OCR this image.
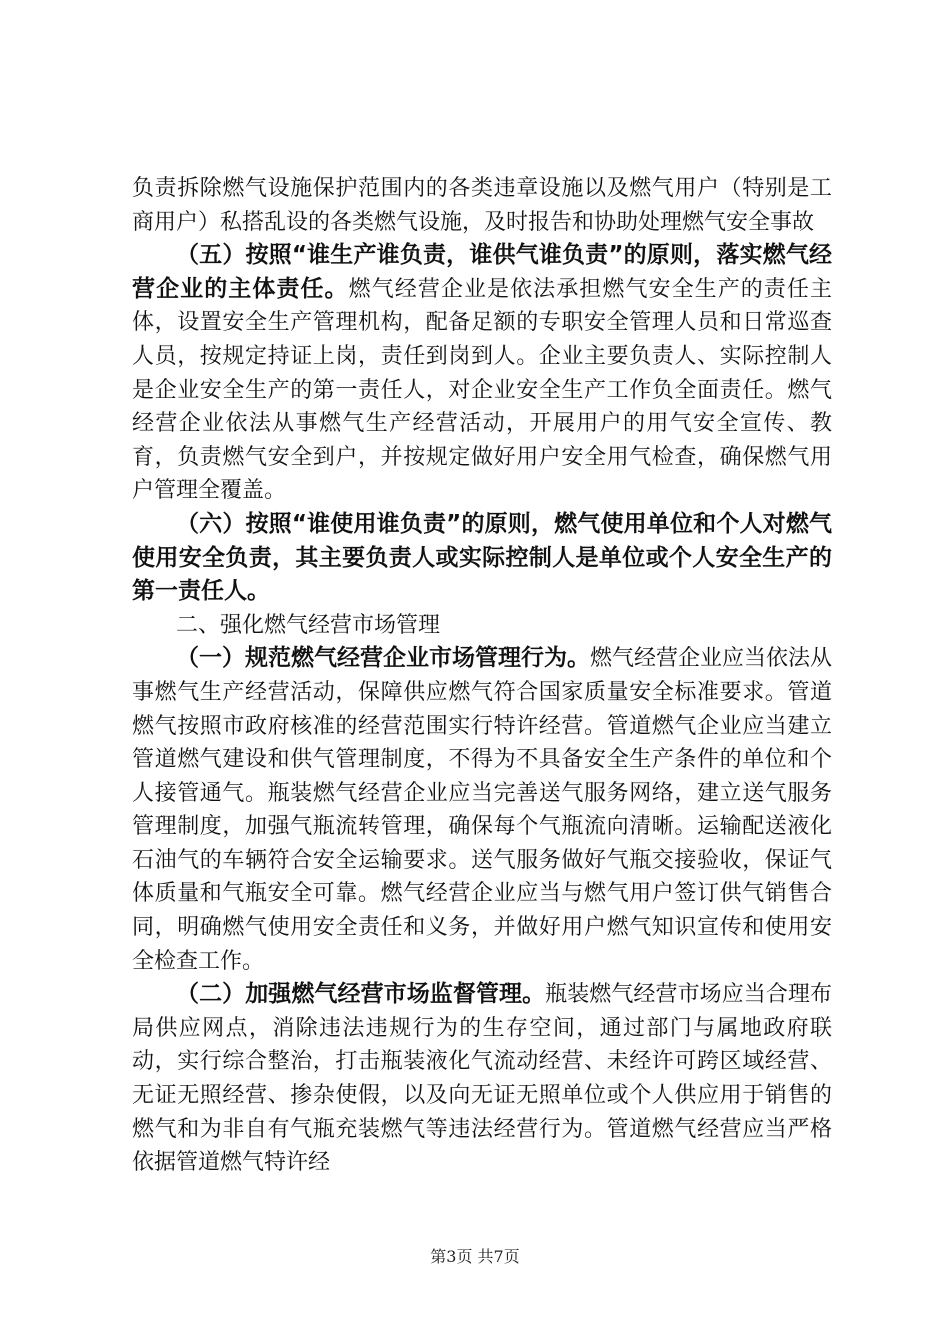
负责拆除燃气设施保护范围内的各类违章设施以及燃气用户（特别是工商用户）私搭乱设的各类燃气设施，及时报告和协助处理燃气安全事故

（五）按照“谁生产谁负责，谁供气谁负责”的原则，落实燃气经营企业的主体责任。燃气经营企业是依法承担燃气安全生产的责任主体，设置安全生产管理机构，配备足额的专职安全管理人员和日常巡查人员，按规定持证上岗，责任到岗到人。企业主要负责人、实际控制人是企业安全生产的第一责任人，对企业安全生产工作负全面责任。燃气经营企业依法从事燃气生产经营活动，开展用户的用气安全宣传、教育，负责燃气安全到户，并按规定做好用户安全用气检查，确保燃气用户管理全覆盖。

（六）按照“谁使用谁负责”的原则，燃气使用单位和个人对燃气使用安全负责，其主要负责人或实际控制人是单位或个人安全生产的第一责任人。

二、强化燃气经营市场管理

（一）规范燃气经营企业市场管理行为。燃气经营企业应当依法从事燃气生产经营活动，保障供应燃气符合国家质量安全标准要求。管道燃气按照市政府核准的经营范围实行特许经营。管道燃气企业应当建立管道燃气建设和供气管理制度，不得为不具备安全生产条件的单位和个人接管通气。瓶装燃气经营企业应当完善送气服务网络，建立送气服务管理制度，加强气瓶流转管理，确保每个气瓶流向清晰。运输配送液化石油气的车辆符合安全运输要求。送气服务做好气瓶交接验收，保证气体质量和气瓶安全可靠。燃气经营企业应当与燃气用户签订供气销售合同，明确燃气使用安全责任和义务，并做好用户燃气知识宣传和使用安全检查工作。

（二）加强燃气经营市场监督管理。瓶装燃气经营市场应当合理布局供应网点，消除违法违规行为的生存空间，通过部门与属地政府联动，实行综合整治，打击瓶装液化气流动经营、未经许可跨区域经营、无证无照经营、掺杂使假，以及向无证无照单位或个人供应用于销售的燃气和为非自有气瓶充装燃气等违法经营行为。管道燃气经营应当严格依据管道燃气特许经

第3页 共7页
